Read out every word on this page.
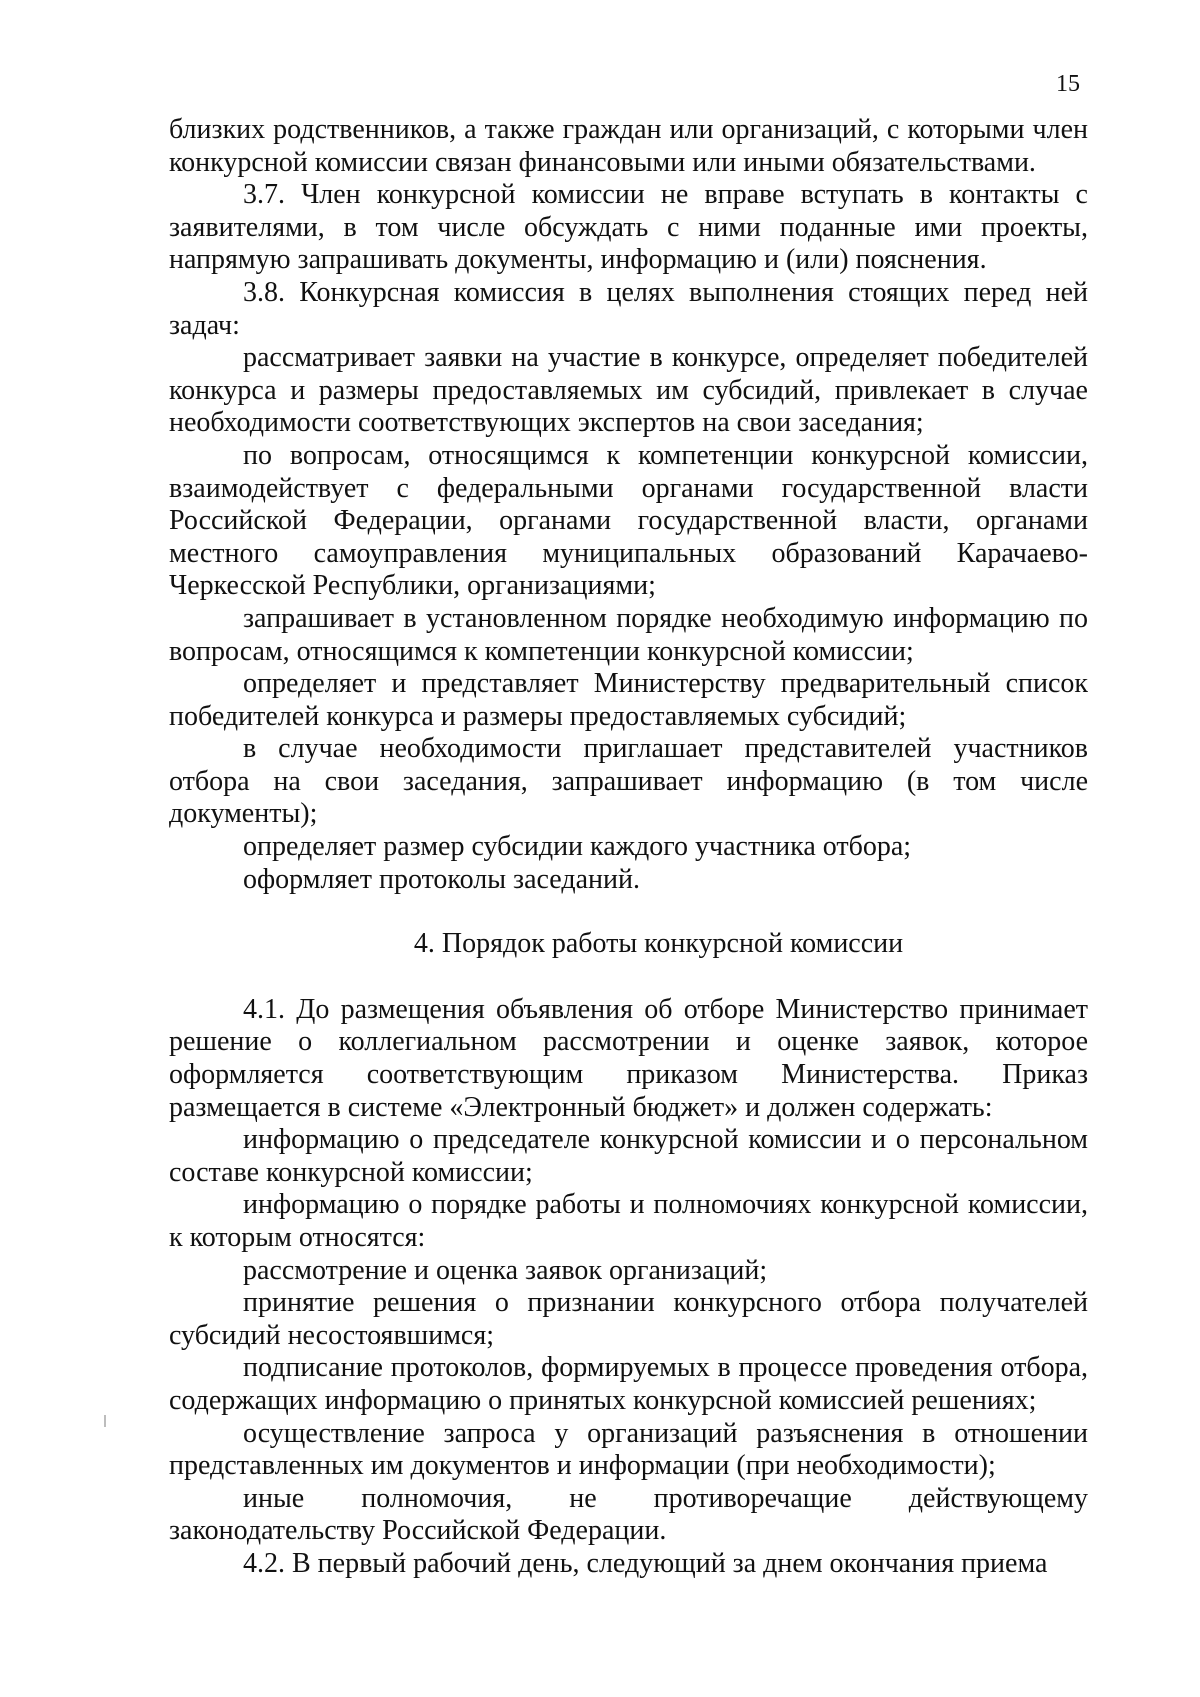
15

близких родственников, а также граждан или организаций, с которыми член конкурсной комиссии связан финансовыми или иными обязательствами.

3.7. Член конкурсной комиссии не вправе вступать в контакты с заявителями, в том числе обсуждать с ними поданные ими проекты, напрямую запрашивать документы, информацию и (или) пояснения.

3.8. Конкурсная комиссия в целях выполнения стоящих перед ней задач:

рассматривает заявки на участие в конкурсе, определяет победителей конкурса и размеры предоставляемых им субсидий, привлекает в случае необходимости соответствующих экспертов на свои заседания;

по вопросам, относящимся к компетенции конкурсной комиссии, взаимодействует с федеральными органами государственной власти Российской Федерации, органами государственной власти, органами местного самоуправления муниципальных образований Карачаево-Черкесской Республики, организациями;

запрашивает в установленном порядке необходимую информацию по вопросам, относящимся к компетенции конкурсной комиссии;

определяет и представляет Министерству предварительный список победителей конкурса и размеры предоставляемых субсидий;

в случае необходимости приглашает представителей участников отбора на свои заседания, запрашивает информацию (в том числе документы);

определяет размер субсидии каждого участника отбора;

оформляет протоколы заседаний.

4. Порядок работы конкурсной комиссии

4.1. До размещения объявления об отборе Министерство принимает решение о коллегиальном рассмотрении и оценке заявок, которое оформляется соответствующим приказом Министерства. Приказ размещается в системе «Электронный бюджет» и должен содержать:

информацию о председателе конкурсной комиссии и о персональном составе конкурсной комиссии;

информацию о порядке работы и полномочиях конкурсной комиссии, к которым относятся:

рассмотрение и оценка заявок организаций;

принятие решения о признании конкурсного отбора получателей субсидий несостоявшимся;

подписание протоколов, формируемых в процессе проведения отбора, содержащих информацию о принятых конкурсной комиссией решениях;

осуществление запроса у организаций разъяснения в отношении представленных им документов и информации (при необходимости);

иные полномочия, не противоречащие действующему законодательству Российской Федерации.

4.2. В первый рабочий день, следующий за днем окончания приема
